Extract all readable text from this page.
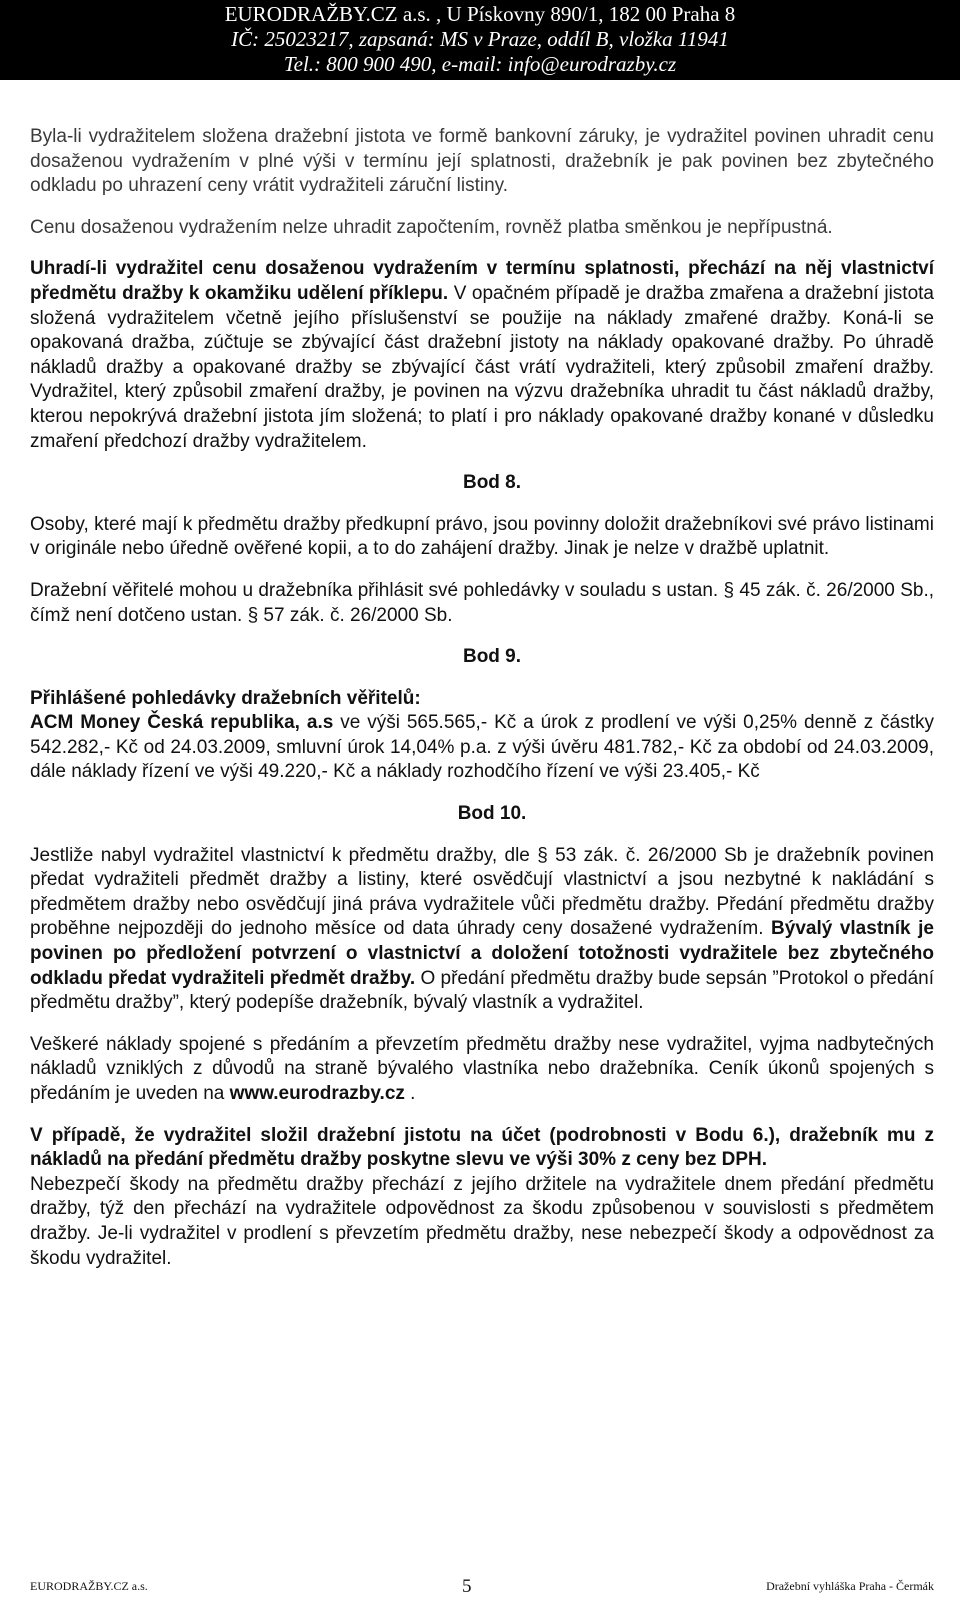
EURODRAŽBY.CZ a.s. , U Pískovny 890/1, 182 00 Praha 8
IČ: 25023217, zapsaná: MS v Praze, oddíl B, vložka 11941
Tel.: 800 900 490, e-mail: info@eurodrazby.cz

Byla-li vydražitelem složena dražební jistota ve formě bankovní záruky, je vydražitel povinen uhradit cenu dosaženou vydražením v plné výši v termínu její splatnosti, dražebník je pak povinen bez zbytečného odkladu po uhrazení ceny vrátit vydražiteli záruční listiny.

Cenu dosaženou vydražením nelze uhradit započtením, rovněž platba směnkou je nepřípustná.

Uhradí-li vydražitel cenu dosaženou vydražením v termínu splatnosti, přechází na něj vlastnictví předmětu dražby k okamžiku udělení příklepu. V opačném případě je dražba zmařena a dražební jistota složená vydražitelem včetně jejího příslušenství se použije na náklady zmařené dražby. Koná-li se opakovaná dražba, zúčtuje se zbývající část dražební jistoty na náklady opakované dražby. Po úhradě nákladů dražby a opakované dražby se zbývající část vrátí vydražiteli, který způsobil zmaření dražby. Vydražitel, který způsobil zmaření dražby, je povinen na výzvu dražebníka uhradit tu část nákladů dražby, kterou nepokrývá dražební jistota jím složená; to platí i pro náklady opakované dražby konané v důsledku zmaření předchozí dražby vydražitelem.

Bod 8.

Osoby, které mají k předmětu dražby předkupní právo, jsou povinny doložit dražebníkovi své právo listinami v originále nebo úředně ověřené kopii, a to do zahájení dražby. Jinak je nelze v dražbě uplatnit.

Dražební věřitelé mohou u dražebníka přihlásit své pohledávky v souladu s ustan. § 45 zák. č. 26/2000 Sb., čímž není dotčeno ustan. § 57 zák. č. 26/2000 Sb.

Bod 9.

Přihlášené pohledávky dražebních věřitelů:

ACM Money Česká republika, a.s ve výši 565.565,- Kč a úrok z prodlení ve výši 0,25% denně z částky 542.282,- Kč od 24.03.2009, smluvní úrok 14,04% p.a. z výši úvěru 481.782,- Kč za období od 24.03.2009, dále náklady řízení ve výši 49.220,- Kč a náklady rozhodčího řízení ve výši 23.405,- Kč

Bod 10.

Jestliže nabyl vydražitel vlastnictví k předmětu dražby, dle § 53 zák. č. 26/2000 Sb je dražebník povinen předat vydražiteli předmět dražby a listiny, které osvědčují vlastnictví a jsou nezbytné k nakládání s předmětem dražby nebo osvědčují jiná práva vydražitele vůči předmětu dražby. Předání předmětu dražby proběhne nejpozději do jednoho měsíce od data úhrady ceny dosažené vydražením. Bývalý vlastník je povinen po předložení potvrzení o vlastnictví a doložení totožnosti vydražitele bez zbytečného odkladu předat vydražiteli předmět dražby. O předání předmětu dražby bude sepsán ”Protokol o předání předmětu dražby”, který podepíše dražebník, bývalý vlastník a vydražitel.

Veškeré náklady spojené s předáním a převzetím předmětu dražby nese vydražitel, vyjma nadbytečných nákladů vzniklých z důvodů na straně bývalého vlastníka nebo dražebníka. Ceník úkonů spojených s předáním je uveden na www.eurodrazby.cz .

V případě, že vydražitel složil dražební jistotu na účet (podrobnosti v Bodu 6.), dražebník mu z nákladů na předání předmětu dražby poskytne slevu ve výši 30% z ceny bez DPH.

Nebezpečí škody na předmětu dražby přechází z jejího držitele na vydražitele dnem předání předmětu dražby, týž den přechází na vydražitele odpovědnost za škodu způsobenou v souvislosti s předmětem dražby. Je-li vydražitel v prodlení s převzetím předmětu dražby, nese nebezpečí škody a odpovědnost za škodu vydražitel.

EURODRAŽBY.CZ a.s.	5	Dražební vyhláška Praha - Čermák
